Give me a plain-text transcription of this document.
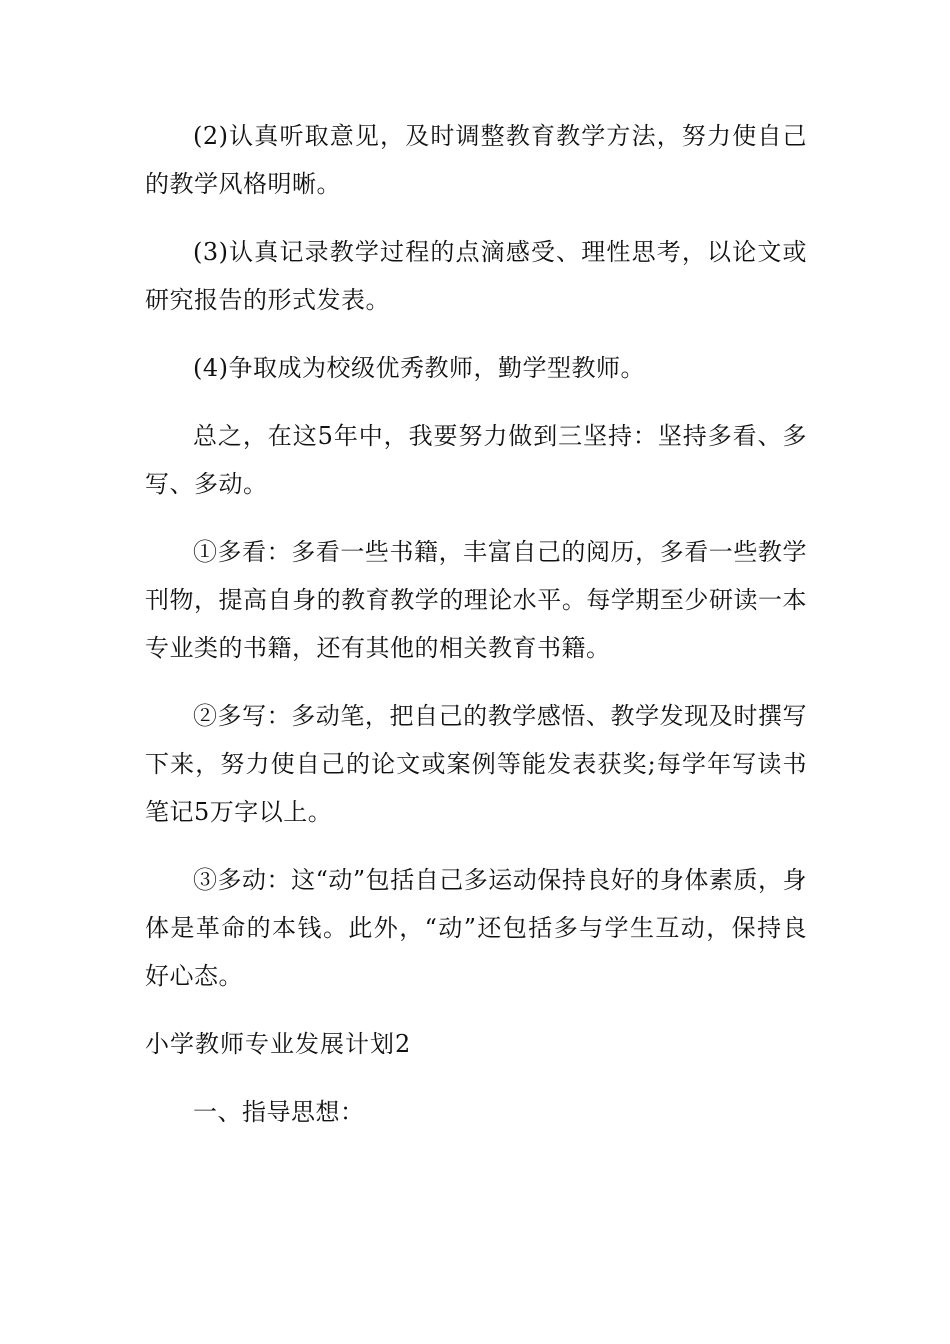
(2)认真听取意见，及时调整教育教学方法，努力使自己的教学风格明晰。

(3)认真记录教学过程的点滴感受、理性思考，以论文或研究报告的形式发表。

(4)争取成为校级优秀教师，勤学型教师。

总之，在这5年中，我要努力做到三坚持：坚持多看、多写、多动。

①多看：多看一些书籍，丰富自己的阅历，多看一些教学刊物，提高自身的教育教学的理论水平。每学期至少研读一本专业类的书籍，还有其他的相关教育书籍。

②多写：多动笔，把自己的教学感悟、教学发现及时撰写下来，努力使自己的论文或案例等能发表获奖;每学年写读书笔记5万字以上。

③多动：这“动”包括自己多运动保持良好的身体素质，身体是革命的本钱。此外，“动”还包括多与学生互动，保持良好心态。

小学教师专业发展计划2

一、指导思想：
